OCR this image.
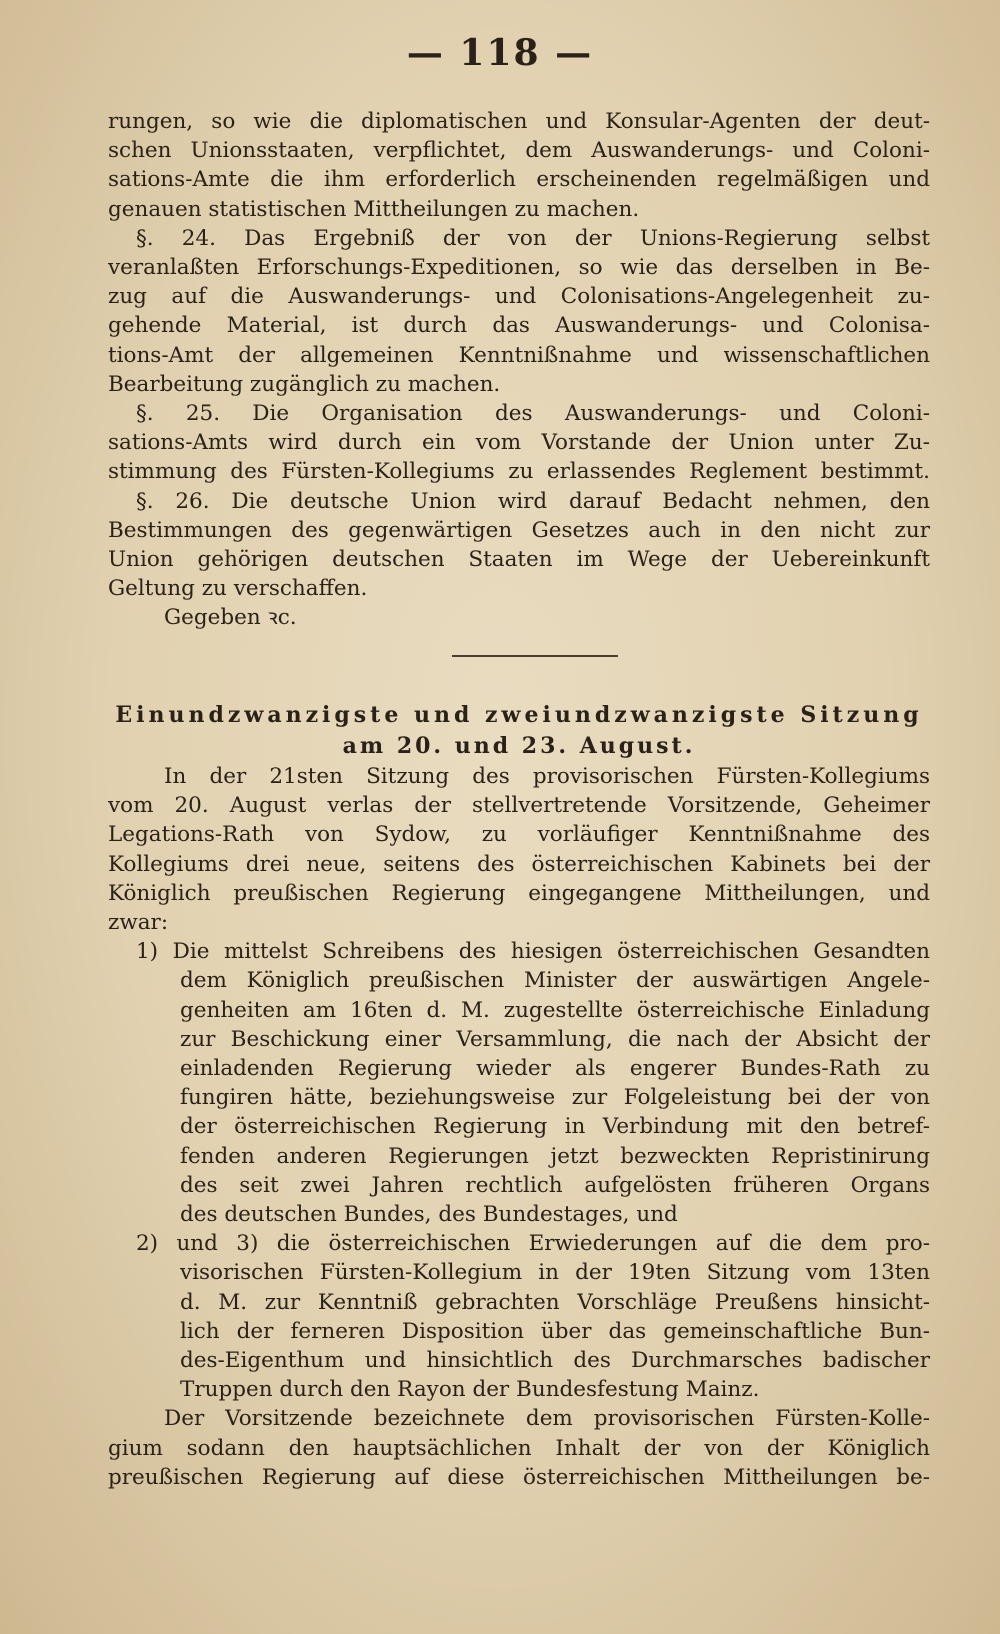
— 118 —
rungen, so wie die diplomatischen und Konsular-Agenten der deut-
schen Unionsstaaten, verpflichtet, dem Auswanderungs- und Coloni-
sations-Amte die ihm erforderlich erscheinenden regelmäßigen und
genauen statistischen Mittheilungen zu machen.
§. 24. Das Ergebniß der von der Unions-Regierung selbst
veranlaßten Erforschungs-Expeditionen, so wie das derselben in Be-
zug auf die Auswanderungs- und Colonisations-Angelegenheit zu-
gehende Material, ist durch das Auswanderungs- und Colonisa-
tions-Amt der allgemeinen Kenntnißnahme und wissenschaftlichen
Bearbeitung zugänglich zu machen.
§. 25. Die Organisation des Auswanderungs- und Coloni-
sations-Amts wird durch ein vom Vorstande der Union unter Zu-
stimmung des Fürsten-Kollegiums zu erlassendes Reglement bestimmt.
§. 26. Die deutsche Union wird darauf Bedacht nehmen, den
Bestimmungen des gegenwärtigen Gesetzes auch in den nicht zur
Union gehörigen deutschen Staaten im Wege der Uebereinkunft
Geltung zu verschaffen.
Gegeben ꝛc.
Einundzwanzigste und zweiundzwanzigste Sitzung
am 20. und 23. August.
In der 21sten Sitzung des provisorischen Fürsten-Kollegiums
vom 20. August verlas der stellvertretende Vorsitzende, Geheimer
Legations-Rath von Sydow, zu vorläufiger Kenntnißnahme des
Kollegiums drei neue, seitens des österreichischen Kabinets bei der
Königlich preußischen Regierung eingegangene Mittheilungen, und
zwar:
1) Die mittelst Schreibens des hiesigen österreichischen Gesandten
dem Königlich preußischen Minister der auswärtigen Angele-
genheiten am 16ten d. M. zugestellte österreichische Einladung
zur Beschickung einer Versammlung, die nach der Absicht der
einladenden Regierung wieder als engerer Bundes-Rath zu
fungiren hätte, beziehungsweise zur Folgeleistung bei der von
der österreichischen Regierung in Verbindung mit den betref-
fenden anderen Regierungen jetzt bezweckten Repristinirung
des seit zwei Jahren rechtlich aufgelösten früheren Organs
des deutschen Bundes, des Bundestages, und
2) und 3) die österreichischen Erwiederungen auf die dem pro-
visorischen Fürsten-Kollegium in der 19ten Sitzung vom 13ten
d. M. zur Kenntniß gebrachten Vorschläge Preußens hinsicht-
lich der ferneren Disposition über das gemeinschaftliche Bun-
des-Eigenthum und hinsichtlich des Durchmarsches badischer
Truppen durch den Rayon der Bundesfestung Mainz.
Der Vorsitzende bezeichnete dem provisorischen Fürsten-Kolle-
gium sodann den hauptsächlichen Inhalt der von der Königlich
preußischen Regierung auf diese österreichischen Mittheilungen be-
